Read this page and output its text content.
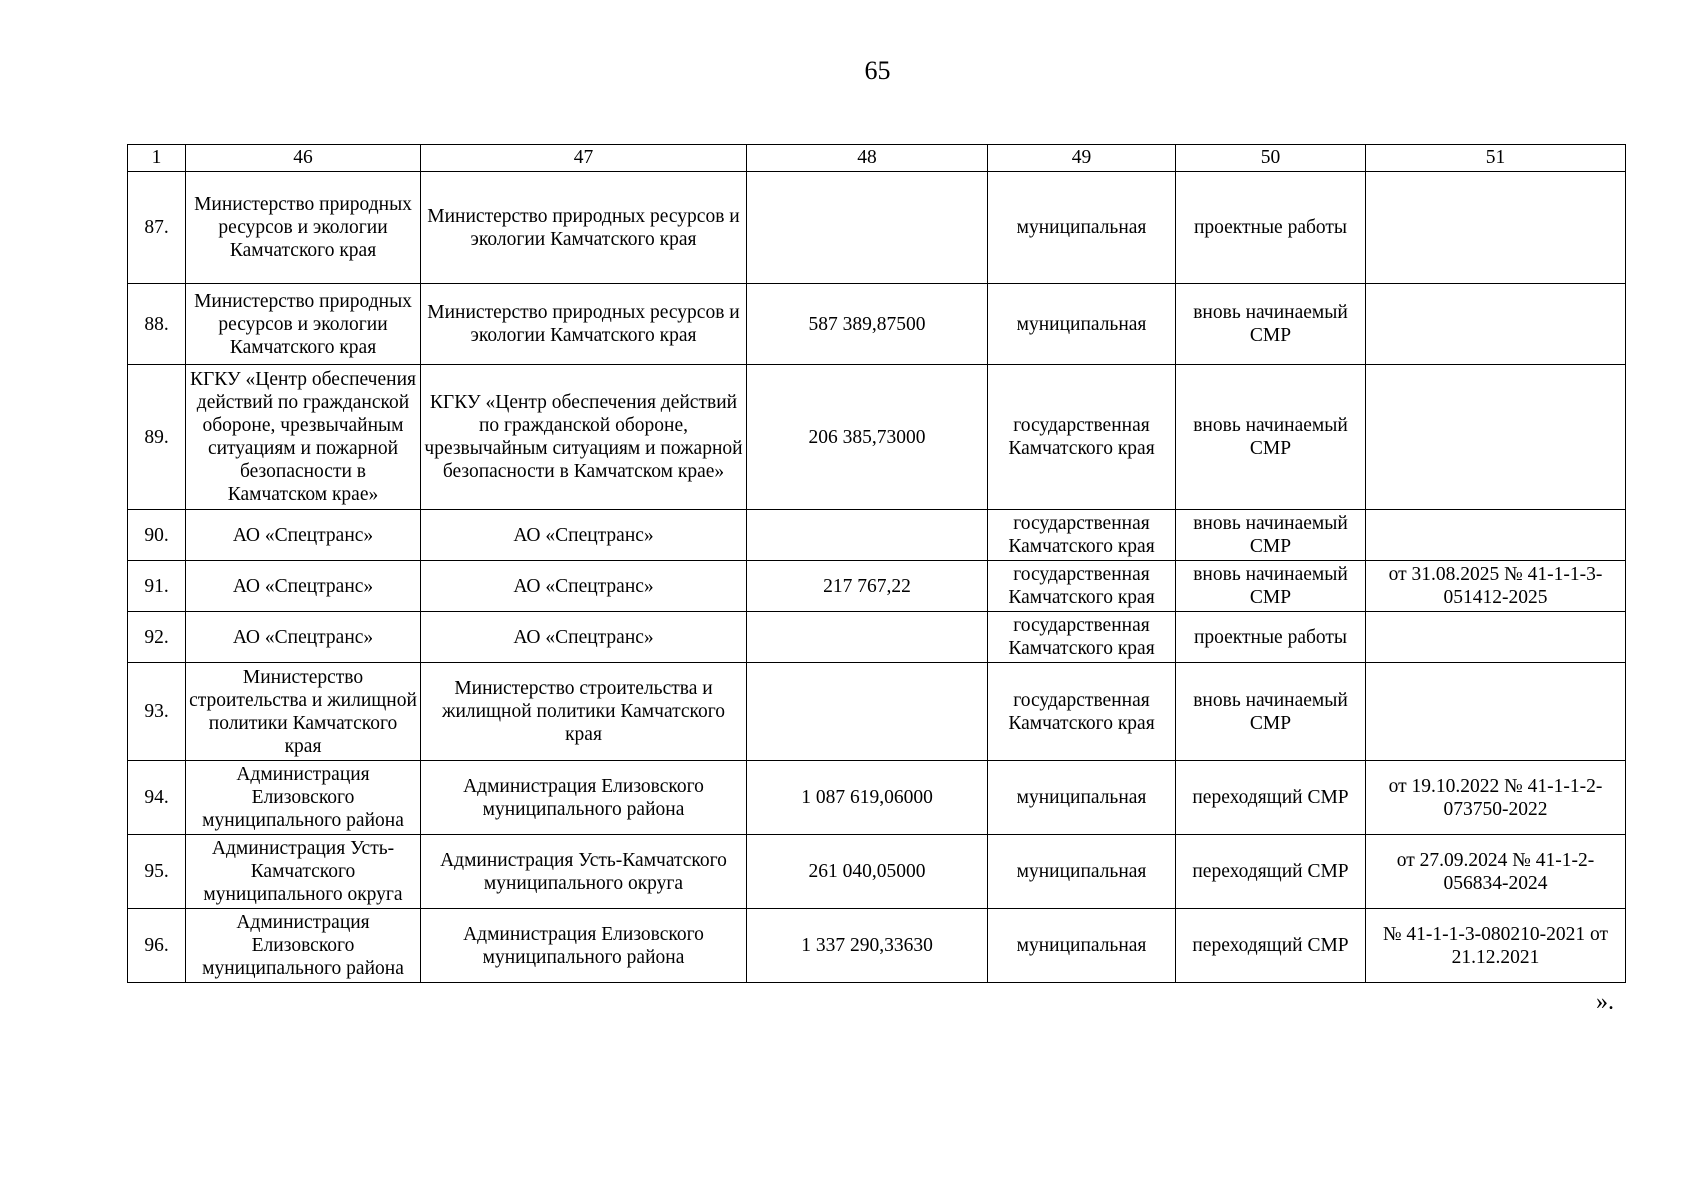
65
1	46	47	48	49	50	51
87.	Министерство природных ресурсов и экологии Камчатского края	Министерство природных ресурсов и экологии Камчатского края		муниципальная	проектные работы	
88.	Министерство природных ресурсов и экологии Камчатского края	Министерство природных ресурсов и экологии Камчатского края	587 389,87500	муниципальная	вновь начинаемый СМР	
89.	КГКУ «Центр обеспечения действий по гражданской обороне, чрезвычайным ситуациям и пожарной безопасности в Камчатском крае»	КГКУ «Центр обеспечения действий по гражданской обороне, чрезвычайным ситуациям и пожарной безопасности в Камчатском крае»	206 385,73000	государственная Камчатского края	вновь начинаемый СМР	
90.	АО «Спецтранс»	АО «Спецтранс»		государственная Камчатского края	вновь начинаемый СМР	
91.	АО «Спецтранс»	АО «Спецтранс»	217 767,22	государственная Камчатского края	вновь начинаемый СМР	от 31.08.2025 № 41-1-1-3-051412-2025
92.	АО «Спецтранс»	АО «Спецтранс»		государственная Камчатского края	проектные работы	
93.	Министерство строительства и жилищной политики Камчатского края	Министерство строительства и жилищной политики Камчатского края		государственная Камчатского края	вновь начинаемый СМР	
94.	Администрация Елизовского муниципального района	Администрация Елизовского муниципального района	1 087 619,06000	муниципальная	переходящий СМР	от 19.10.2022 № 41-1-1-2-073750-2022
95.	Администрация Усть-Камчатского муниципального округа	Администрация Усть-Камчатского муниципального округа	261 040,05000	муниципальная	переходящий СМР	от 27.09.2024 № 41-1-2-056834-2024
96.	Администрация Елизовского муниципального района	Администрация Елизовского муниципального района	1 337 290,33630	муниципальная	переходящий СМР	№ 41-1-1-3-080210-2021 от 21.12.2021
».
